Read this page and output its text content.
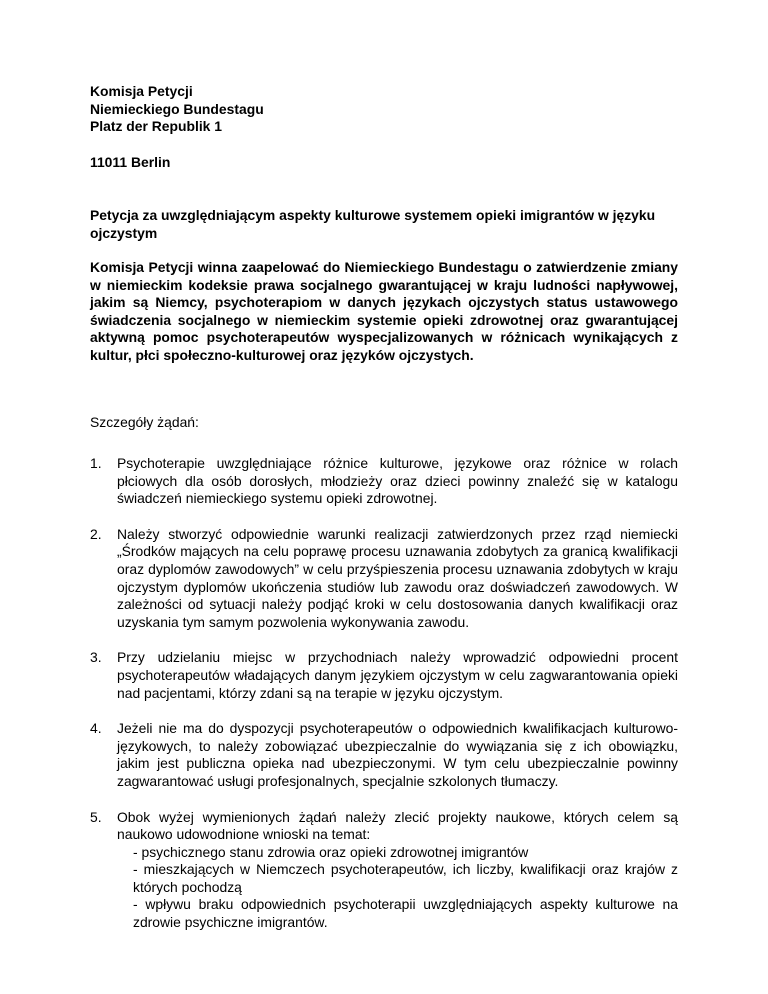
Komisja Petycji
Niemieckiego Bundestagu
Platz der Republik 1
11011 Berlin
Petycja za uwzględniającym aspekty kulturowe systemem opieki imigrantów w języku ojczystym
Komisja Petycji winna zaapelować do Niemieckiego Bundestagu o zatwierdzenie zmiany w niemieckim kodeksie prawa socjalnego gwarantującej w kraju ludności napływowej, jakim są Niemcy, psychoterapiom w danych językach ojczystych status ustawowego świadczenia socjalnego w niemieckim systemie opieki zdrowotnej oraz gwarantującej aktywną pomoc psychoterapeutów wyspecjalizowanych w różnicach wynikających z kultur, płci społeczno-kulturowej oraz języków ojczystych.
Szczegóły żądań:
1. Psychoterapie uwzględniające różnice kulturowe, językowe oraz różnice w rolach płciowych dla osób dorosłych, młodzieży oraz dzieci powinny znaleźć się w katalogu świadczeń niemieckiego systemu opieki zdrowotnej.
2. Należy stworzyć odpowiednie warunki realizacji zatwierdzonych przez rząd niemiecki „Środków mających na celu poprawę procesu uznawania zdobytych za granicą kwalifikacji oraz dyplomów zawodowych” w celu przyśpieszenia procesu uznawania zdobytych w kraju ojczystym dyplomów ukończenia studiów lub zawodu oraz doświadczeń zawodowych. W zależności od sytuacji należy podjąć kroki w celu dostosowania danych kwalifikacji oraz uzyskania tym samym pozwolenia wykonywania zawodu.
3. Przy udzielaniu miejsc w przychodniach należy wprowadzić odpowiedni procent psychoterapeutów władających danym językiem ojczystym w celu zagwarantowania opieki nad pacjentami, którzy zdani są na terapie w języku ojczystym.
4. Jeżeli nie ma do dyspozycji psychoterapeutów o odpowiednich kwalifikacjach kulturowo-językowych, to należy zobowiązać ubezpieczalnie do wywiązania się z ich obowiązku, jakim jest publiczna opieka nad ubezpieczonymi. W tym celu ubezpieczalnie powinny zagwarantować usługi profesjonalnych, specjalnie szkolonych tłumaczy.
5. Obok wyżej wymienionych żądań należy zlecić projekty naukowe, których celem są naukowo udowodnione wnioski na temat:
- psychicznego stanu zdrowia oraz opieki zdrowotnej imigrantów
- mieszkających w Niemczech psychoterapeutów, ich liczby, kwalifikacji oraz krajów z których pochodzą
- wpływu braku odpowiednich psychoterapii uwzględniających aspekty kulturowe na zdrowie psychiczne imigrantów.
